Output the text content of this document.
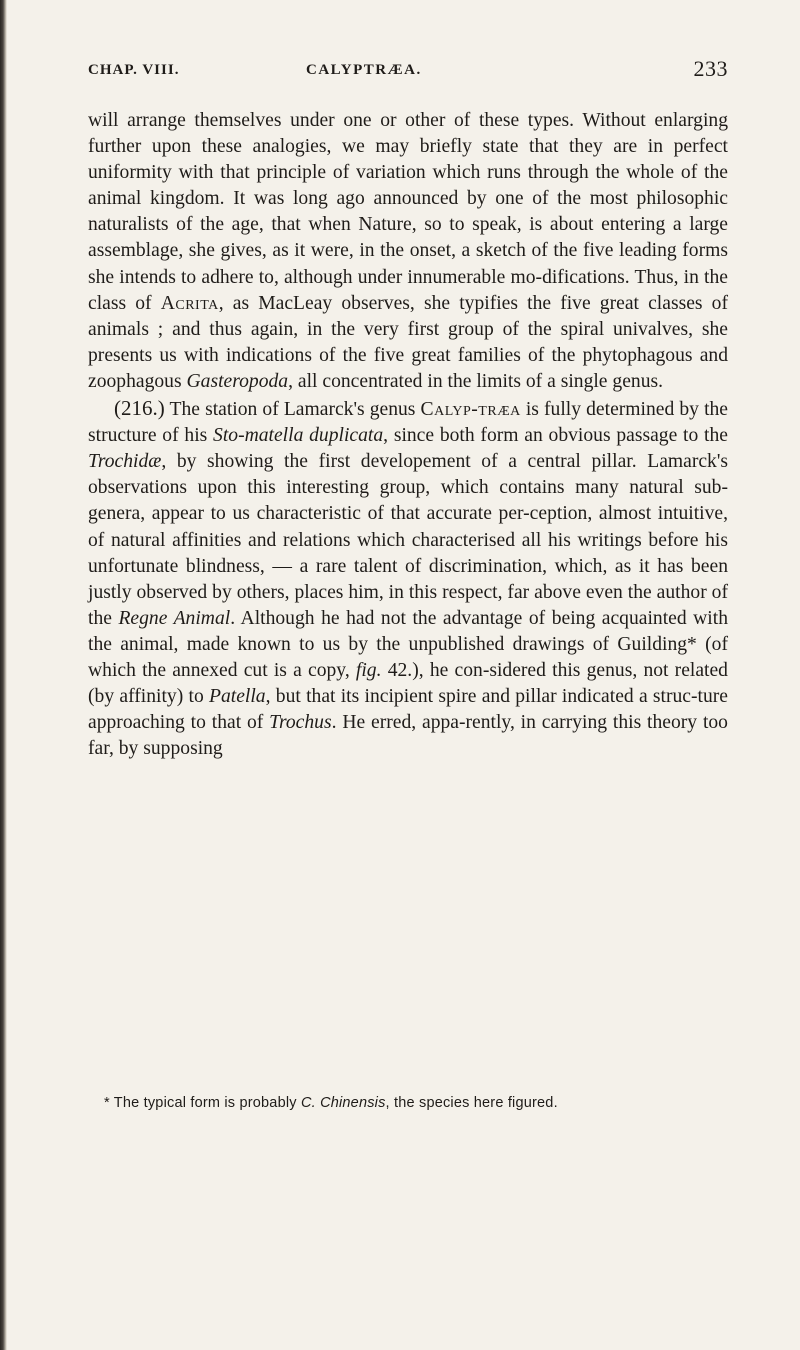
CHAP. VIII.	CALYPTRÆA.	233

will arrange themselves under one or other of these types. Without enlarging further upon these analogies, we may briefly state that they are in perfect uniformity with that principle of variation which runs through the whole of the animal kingdom. It was long ago announced by one of the most philosophic naturalists of the age, that when Nature, so to speak, is about entering a large assemblage, she gives, as it were, in the onset, a sketch of the five leading forms she intends to adhere to, although under innumerable mo-difications. Thus, in the class of Acrita, as MacLeay observes, she typifies the five great classes of animals ; and thus again, in the very first group of the spiral univalves, she presents us with indications of the five great families of the phytophagous and zoophagous Gasteropoda, all concentrated in the limits of a single genus.

(216.) The station of Lamarck's genus Calyp-træa is fully determined by the structure of his Sto-matella duplicata, since both form an obvious passage to the Trochidæ, by showing the first developement of a central pillar. Lamarck's observations upon this interesting group, which contains many natural sub-genera, appear to us characteristic of that accurate per-ception, almost intuitive, of natural affinities and relations which characterised all his writings before his unfortunate blindness, — a rare talent of discrimination, which, as it has been justly observed by others, places him, in this respect, far above even the author of the Regne Animal. Although he had not the advantage of being acquainted with the animal, made known to us by the unpublished drawings of Guilding* (of which the annexed cut is a copy, fig. 42.), he con-sidered this genus, not related (by affinity) to Patella, but that its incipient spire and pillar indicated a struc-ture approaching to that of Trochus. He erred, appa-rently, in carrying this theory too far, by supposing

* The typical form is probably C. Chinensis, the species here figured.
